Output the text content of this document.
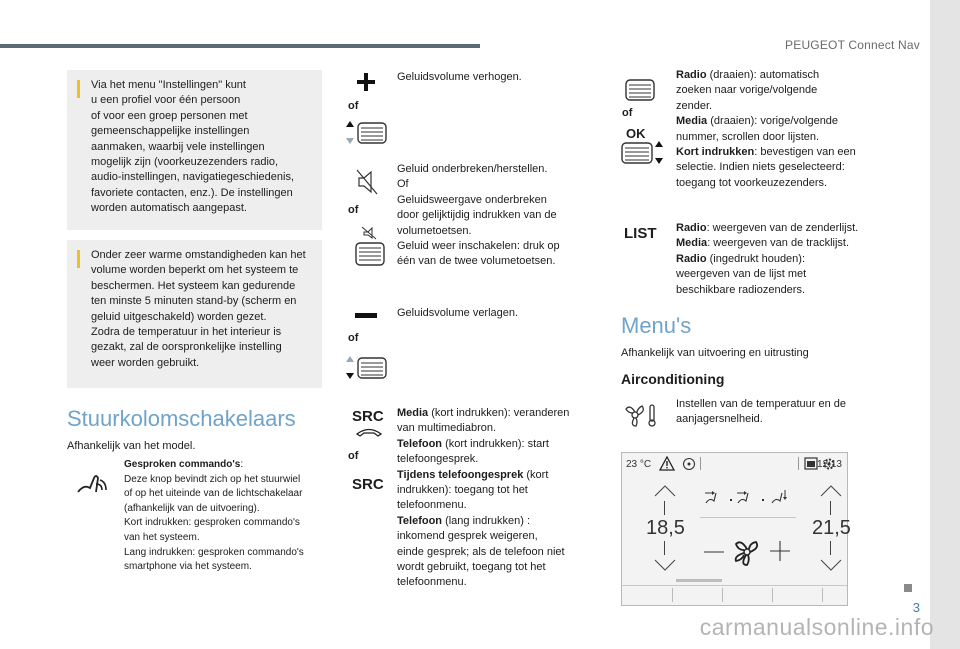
PEUGEOT Connect Nav
3
carmanualsonline.info
Via het menu "Instellingen" kunt
u een profiel voor één persoon
of voor een groep personen met
gemeenschappelijke instellingen
aanmaken, waarbij vele instellingen
mogelijk zijn (voorkeuzezenders radio,
audio-instellingen, navigatiegeschiedenis,
favoriete contacten, enz.). De instellingen
worden automatisch aangepast.
Onder zeer warme omstandigheden kan het
volume worden beperkt om het systeem te
beschermen. Het systeem kan gedurende
ten minste 5 minuten stand-by (scherm en
geluid uitgeschakeld) worden gezet.
Zodra de temperatuur in het interieur is
gezakt, zal de oorspronkelijke instelling
weer worden gebruikt.
Stuurkolomschakelaars
Afhankelijk van het model.
Gesproken commando's:
Deze knop bevindt zich op het stuurwiel
of op het uiteinde van de lichtschakelaar
(afhankelijk van de uitvoering).
Kort indrukken: gesproken commando's
van het systeem.
Lang indrukken: gesproken commando's
smartphone via het systeem.
of
Geluidsvolume verhogen.
of
Geluid onderbreken/herstellen.
Of
Geluidsweergave onderbreken
door gelijktijdig indrukken van de
volumetoetsen.
Geluid weer inschakelen: druk op
één van de twee volumetoetsen.
of
Geluidsvolume verlagen.
SRC
of
SRC
Media (kort indrukken): veranderen
van multimediabron.
Telefoon (kort indrukken): start
telefoongesprek.
Tijdens telefoongesprek (kort
indrukken): toegang tot het
telefoonmenu.
Telefoon (lang indrukken) :
inkomend gesprek weigeren,
einde gesprek; als de telefoon niet
wordt gebruikt, toegang tot het
telefoonmenu.
of
OK
Radio (draaien): automatisch
zoeken naar vorige/volgende
zender.
Media (draaien): vorige/volgende
nummer, scrollen door lijsten.
Kort indrukken: bevestigen van een
selectie. Indien niets geselecteerd:
toegang tot voorkeuzezenders.
LIST Radio: weergeven van de zenderlijst.
Media: weergeven van de tracklijst.
Radio (ingedrukt houden):
weergeven van de lijst met
beschikbare radiozenders.
Menu's
Afhankelijk van uitvoering en uitrusting
Airconditioning
Instellen van de temperatuur en de
aanjagersnelheid.
23 °C	12:13
18,5	21,5
